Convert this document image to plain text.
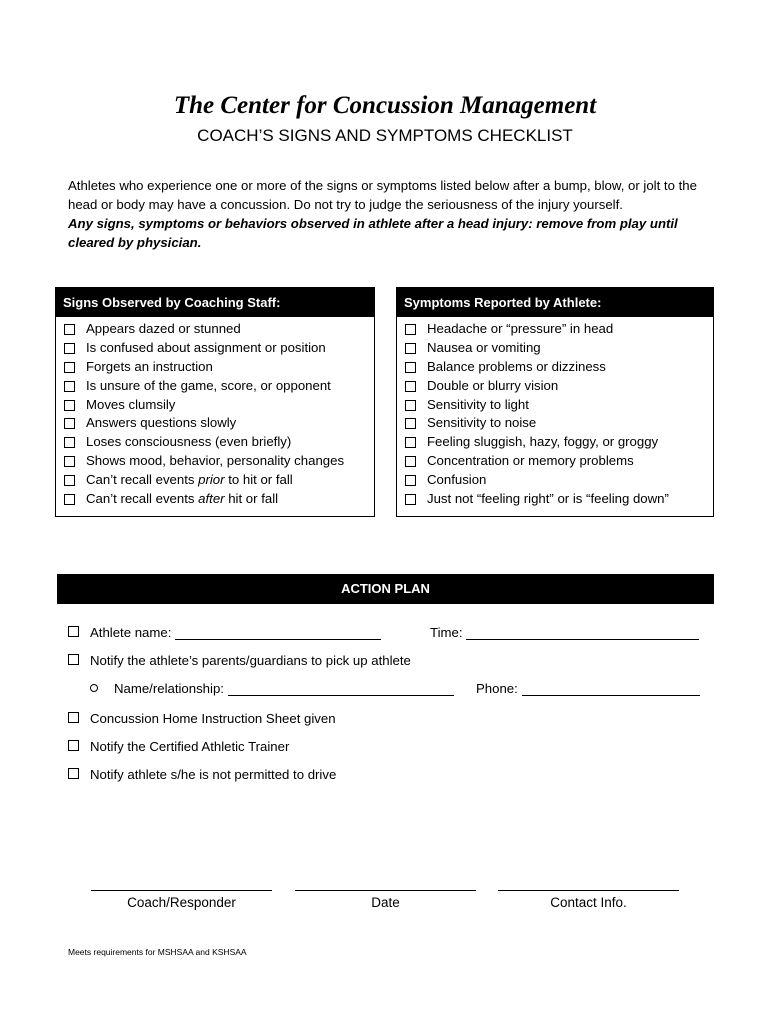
The Center for Concussion Management
COACH’S SIGNS AND SYMPTOMS CHECKLIST

Athletes who experience one or more of the signs or symptoms listed below after a bump, blow, or jolt to the head or body may have a concussion. Do not try to judge the seriousness of the injury yourself.

Any signs, symptoms or behaviors observed in athlete after a head injury: remove from play until cleared by physician.

Signs Observed by Coaching Staff:
Appears dazed or stunned
Is confused about assignment or position
Forgets an instruction
Is unsure of the game, score, or opponent
Moves clumsily
Answers questions slowly
Loses consciousness (even briefly)
Shows mood, behavior, personality changes
Can’t recall events prior to hit or fall
Can’t recall events after hit or fall
Symptoms Reported by Athlete:
Headache or “pressure” in head
Nausea or vomiting
Balance problems or dizziness
Double or blurry vision
Sensitivity to light
Sensitivity to noise
Feeling sluggish, hazy, foggy, or groggy
Concentration or memory problems
Confusion
Just not “feeling right” or is “feeling down”
ACTION PLAN
Athlete name:	Time:
Notify the athlete’s parents/guardians to pick up athlete
Name/relationship:	Phone:
Concussion Home Instruction Sheet given
Notify the Certified Athletic Trainer
Notify athlete s/he is not permitted to drive
Coach/Responder	Date	Contact Info.
Meets requirements for MSHSAA and KSHSAA
